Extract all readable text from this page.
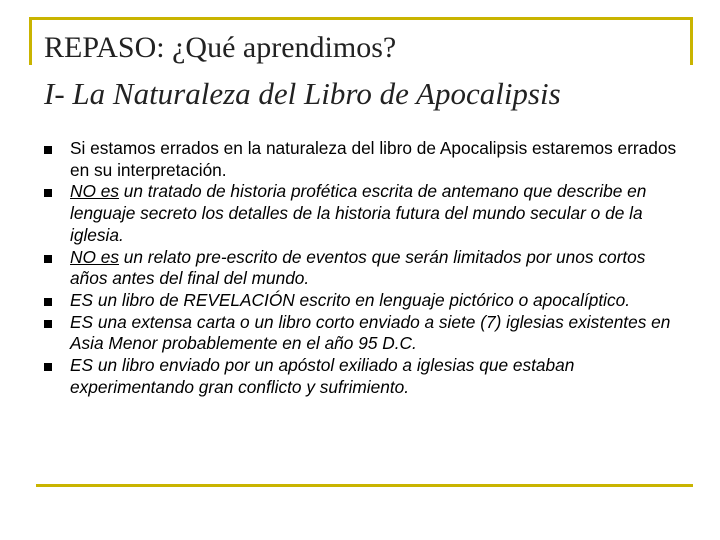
REPASO: ¿Qué aprendimos?
I- La Naturaleza del Libro de Apocalipsis
Si estamos errados en la naturaleza del libro de Apocalipsis estaremos errados en su interpretación.
NO es un tratado de historia profética escrita de antemano que describe en lenguaje secreto los detalles de la historia futura del mundo secular o de la iglesia.
NO es un relato pre-escrito de eventos que serán limitados por unos cortos años antes del final del mundo.
ES un libro de REVELACIÓN escrito en lenguaje pictórico o apocalíptico.
ES una extensa carta o un libro corto enviado a siete (7) iglesias existentes en Asia Menor probablemente en el año 95 D.C.
ES un libro enviado por un apóstol exiliado a iglesias que estaban experimentando gran conflicto y sufrimiento.
